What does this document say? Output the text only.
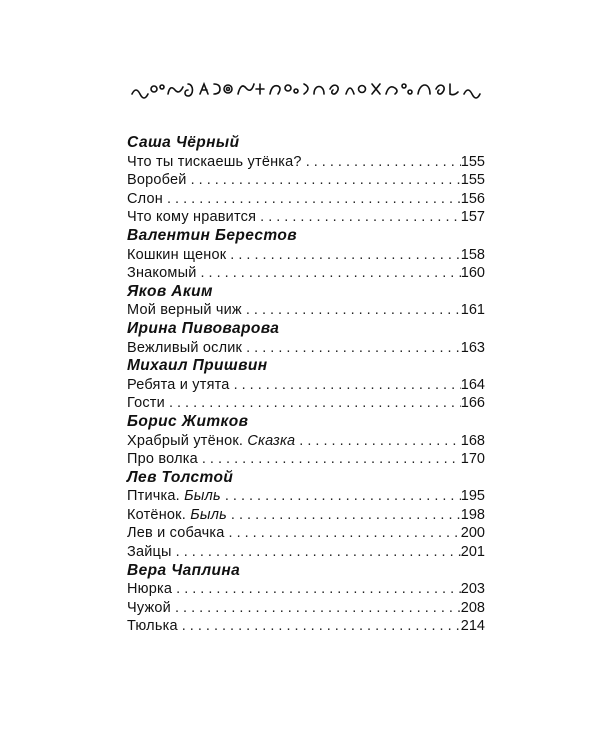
Саша Чёрный
Что ты тискаешь утёнка? . . .	155
Воробей . . .	155
Слон . . .	156
Что кому нравится . . .	157
Валентин Берестов
Кошкин щенок . . .	158
Знакомый . . .	160
Яков Аким
Мой верный чиж . . .	161
Ирина Пивоварова
Вежливый ослик . . .	163
Михаил Пришвин
Ребята и утята . . .	164
Гости . . .	166
Борис Житков
Храбрый утёнок. Сказка . . .	168
Про волка . . .	170
Лев Толстой
Птичка. Быль . . .	195
Котёнок. Быль . . .	198
Лев и собачка . . .	200
Зайцы . . .	201
Вера Чаплина
Нюрка . . .	203
Чужой . . .	208
Тюлька . . .	214
